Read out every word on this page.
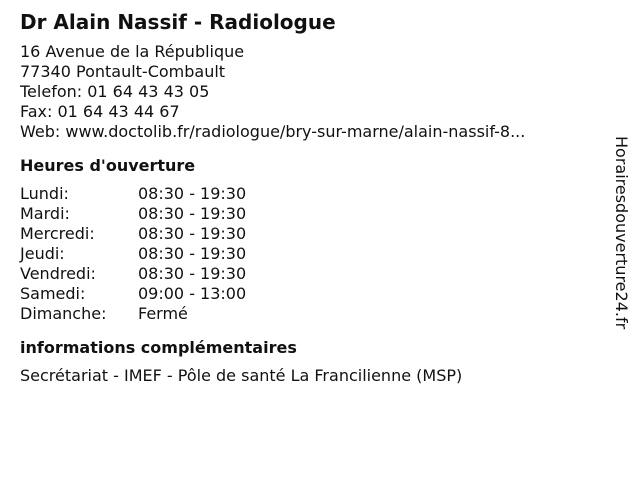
Dr Alain Nassif - Radiologue
16 Avenue de la République
77340 Pontault-Combault
Telefon: 01 64 43 43 05
Fax: 01 64 43 44 67
Web: www.doctolib.fr/radiologue/bry-sur-marne/alain-nassif-8...
Heures d'ouverture
Lundi:	08:30 - 19:30
Mardi:	08:30 - 19:30
Mercredi:	08:30 - 19:30
Jeudi:	08:30 - 19:30
Vendredi:	08:30 - 19:30
Samedi:	09:00 - 13:00
Dimanche:	Fermé
informations complémentaires
Secrétariat - IMEF - Pôle de santé La Francilienne (MSP)
Horairesdouverture24.fr
